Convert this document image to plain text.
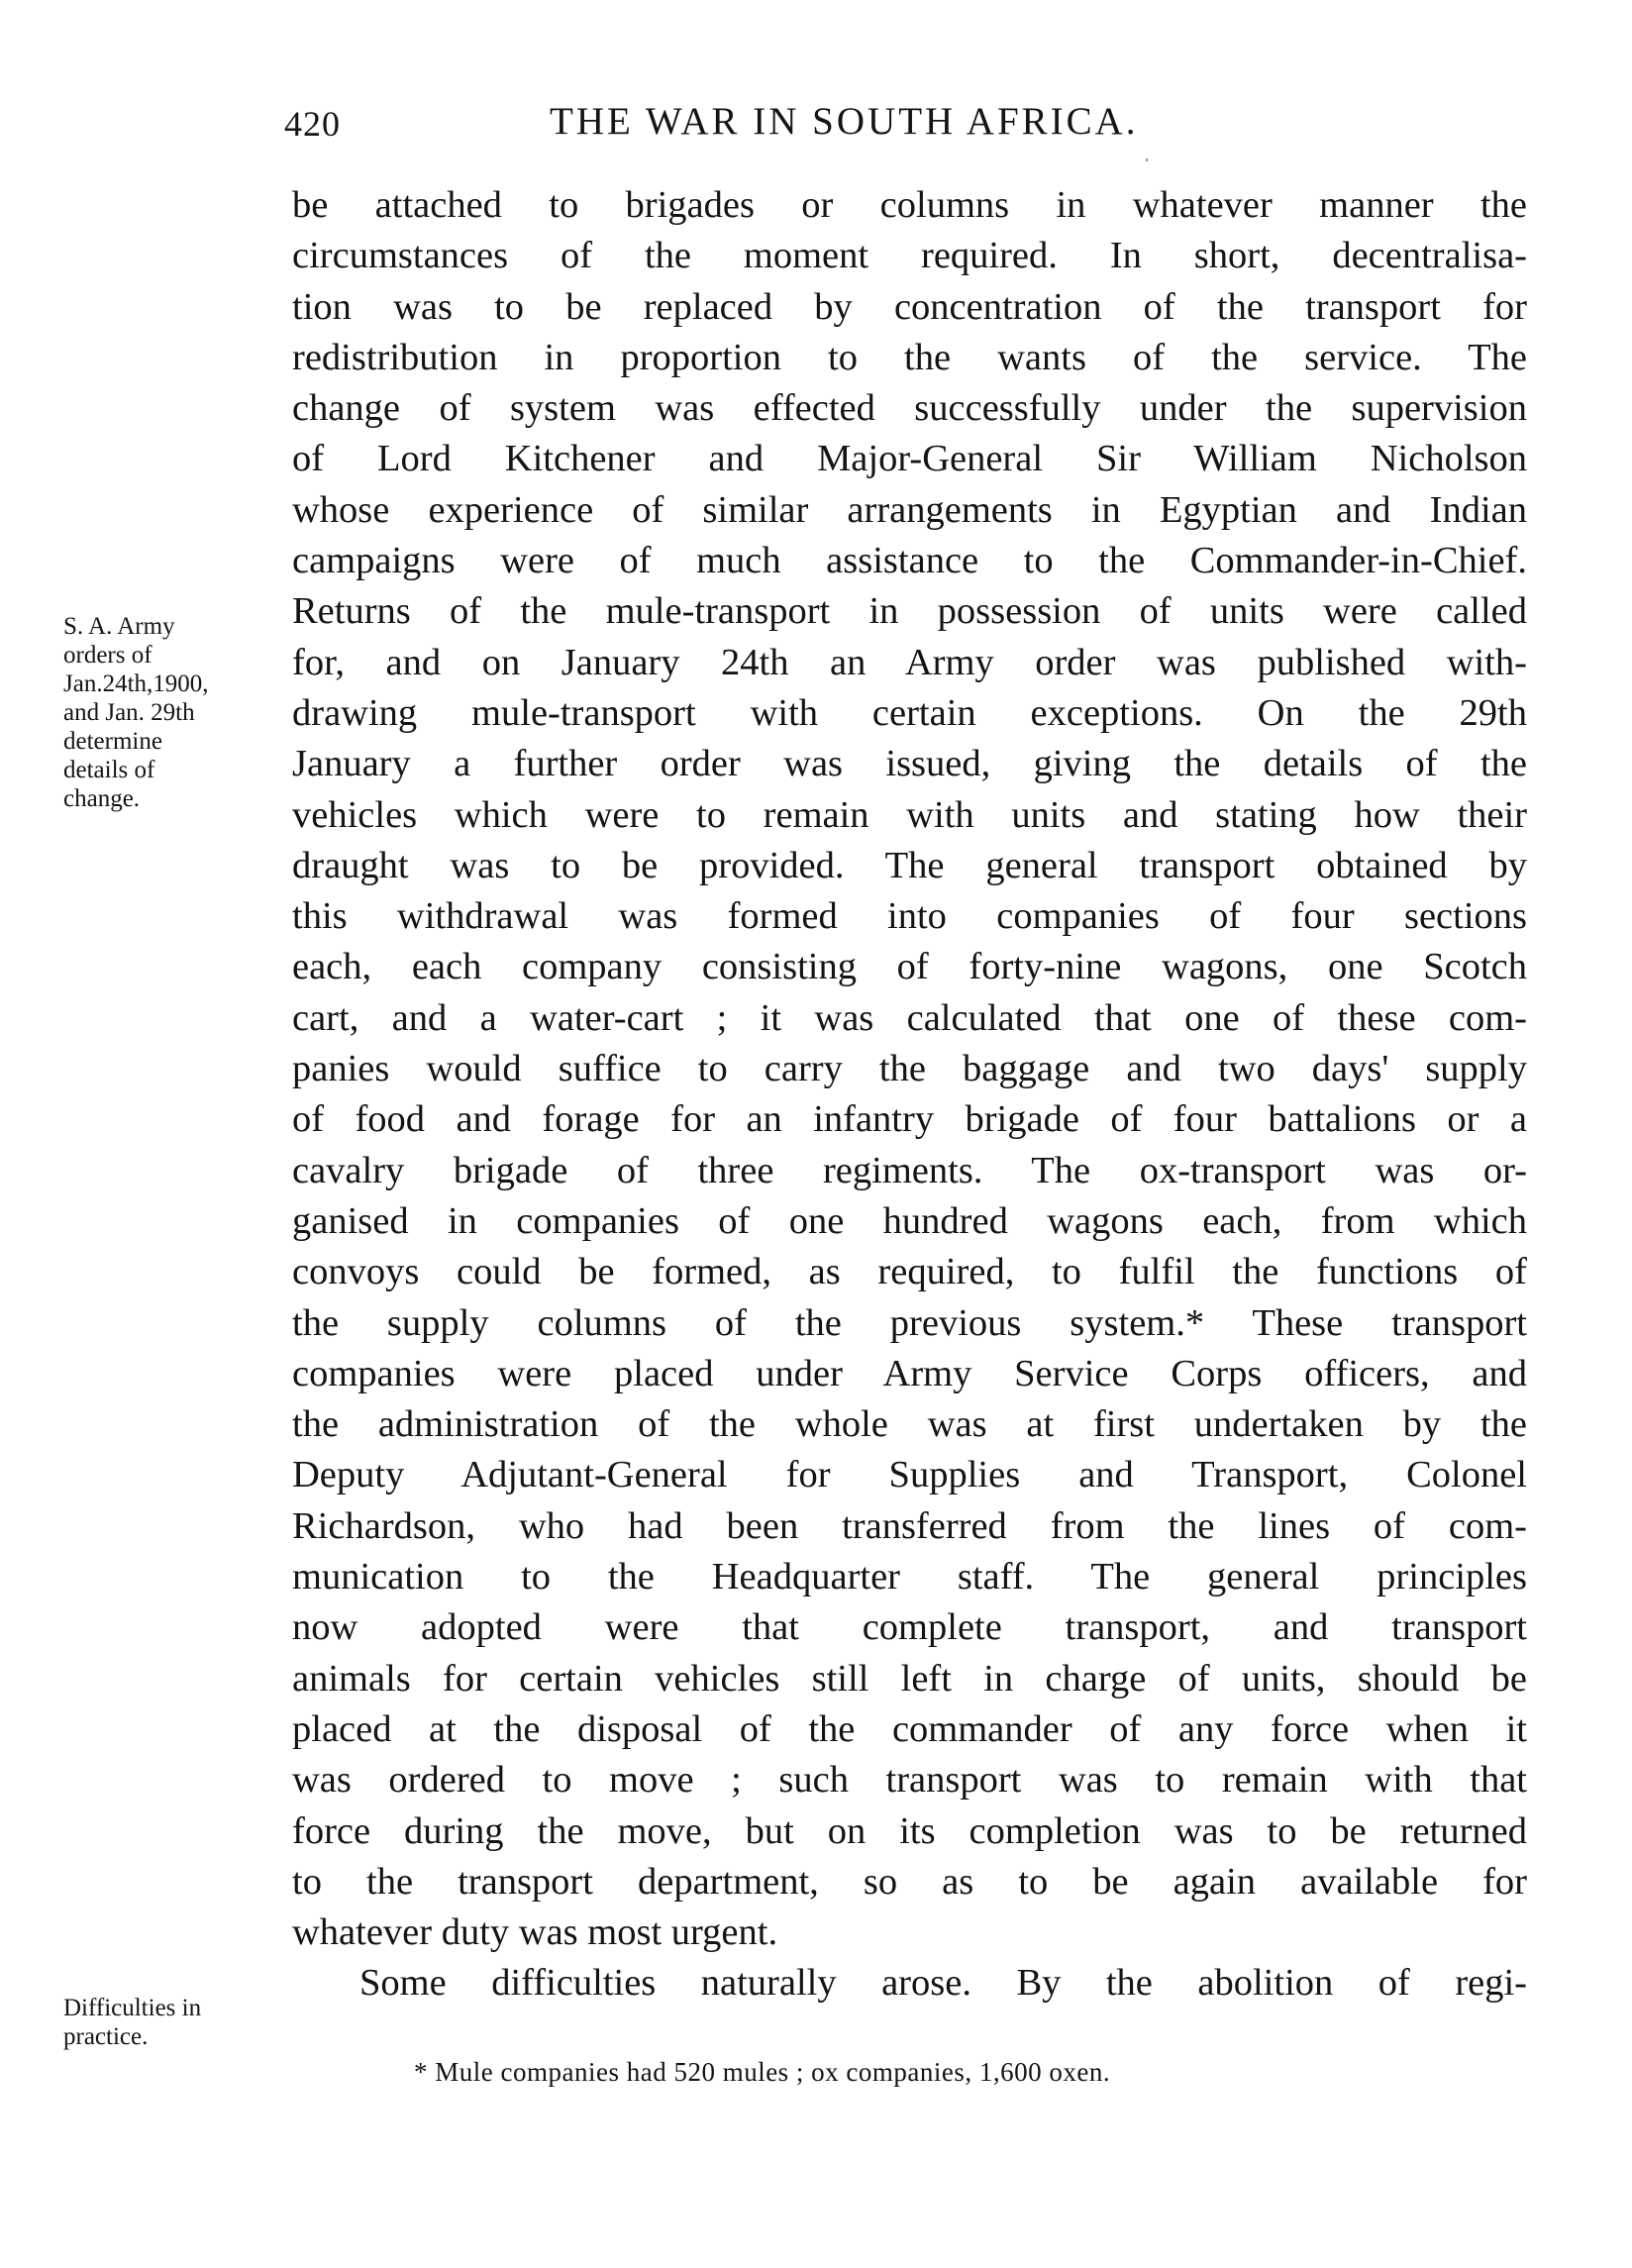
420	THE WAR IN SOUTH AFRICA.
S. A. Army
orders of
Jan.24th,1900,
and Jan. 29th
determine
details of
change.
Difficulties in
practice.
be attached to brigades or columns in whatever manner the
circumstances of the moment required. In short, decentralisa-
tion was to be replaced by concentration of the transport for
redistribution in proportion to the wants of the service. The
change of system was effected successfully under the supervision
of Lord Kitchener and Major-General Sir William Nicholson
whose experience of similar arrangements in Egyptian and Indian
campaigns were of much assistance to the Commander-in-Chief.
Returns of the mule-transport in possession of units were called
for, and on January 24th an Army order was published with-
drawing mule-transport with certain exceptions. On the 29th
January a further order was issued, giving the details of the
vehicles which were to remain with units and stating how their
draught was to be provided. The general transport obtained by
this withdrawal was formed into companies of four sections
each, each company consisting of forty-nine wagons, one Scotch
cart, and a water-cart ; it was calculated that one of these com-
panies would suffice to carry the baggage and two days' supply
of food and forage for an infantry brigade of four battalions or a
cavalry brigade of three regiments. The ox-transport was or-
ganised in companies of one hundred wagons each, from which
convoys could be formed, as required, to fulfil the functions of
the supply columns of the previous system.* These transport
companies were placed under Army Service Corps officers, and
the administration of the whole was at first undertaken by the
Deputy Adjutant-General for Supplies and Transport, Colonel
Richardson, who had been transferred from the lines of com-
munication to the Headquarter staff. The general principles
now adopted were that complete transport, and transport
animals for certain vehicles still left in charge of units, should be
placed at the disposal of the commander of any force when it
was ordered to move ; such transport was to remain with that
force during the move, but on its completion was to be returned
to the transport department, so as to be again available for
whatever duty was most urgent.
Some difficulties naturally arose. By the abolition of regi-
* Mule companies had 520 mules ; ox companies, 1,600 oxen.
